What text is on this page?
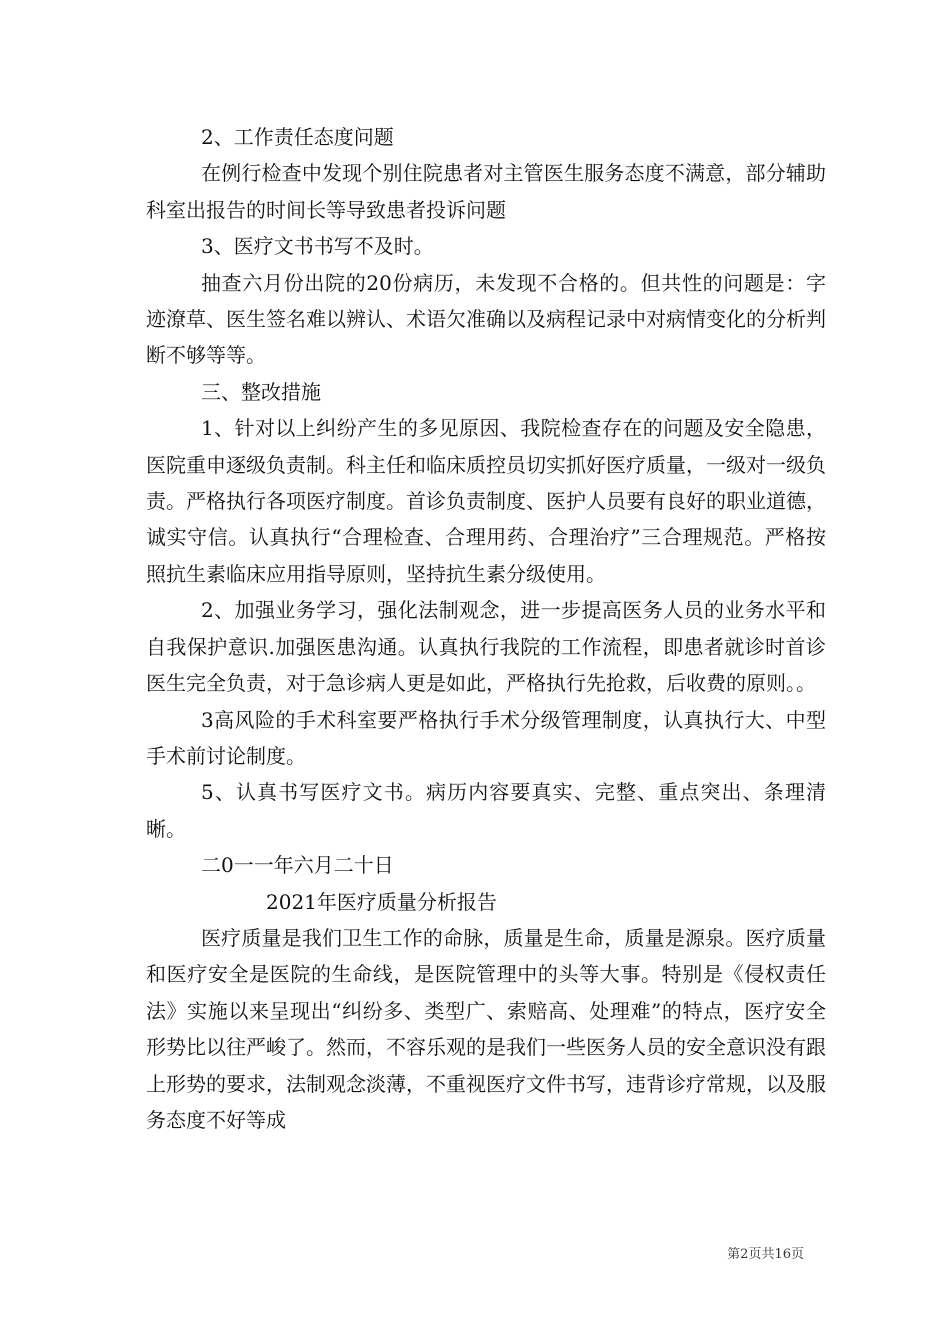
2、工作责任态度问题

在例行检查中发现个别住院患者对主管医生服务态度不满意，部分辅助科室出报告的时间长等导致患者投诉问题

3、医疗文书书写不及时。

抽查六月份出院的20份病历，未发现不合格的。但共性的问题是：字迹潦草、医生签名难以辨认、术语欠准确以及病程记录中对病情变化的分析判断不够等等。

三、整改措施

1、针对以上纠纷产生的多见原因、我院检查存在的问题及安全隐患，医院重申逐级负责制。科主任和临床质控员切实抓好医疗质量，一级对一级负责。严格执行各项医疗制度。首诊负责制度、医护人员要有良好的职业道德，诚实守信。认真执行“合理检查、合理用药、合理治疗”三合理规范。严格按照抗生素临床应用指导原则，坚持抗生素分级使用。

2、加强业务学习，强化法制观念，进一步提高医务人员的业务水平和自我保护意识.加强医患沟通。认真执行我院的工作流程，即患者就诊时首诊医生完全负责，对于急诊病人更是如此，严格执行先抢救，后收费的原则。。

3高风险的手术科室要严格执行手术分级管理制度，认真执行大、中型手术前讨论制度。

5、认真书写医疗文书。病历内容要真实、完整、重点突出、条理清晰。

二0一一年六月二十日

2021年医疗质量分析报告

医疗质量是我们卫生工作的命脉，质量是生命，质量是源泉。医疗质量和医疗安全是医院的生命线，是医院管理中的头等大事。特别是《侵权责任法》实施以来呈现出“纠纷多、类型广、索赔高、处理难”的特点，医疗安全形势比以往严峻了。然而，不容乐观的是我们一些医务人员的安全意识没有跟上形势的要求，法制观念淡薄，不重视医疗文件书写，违背诊疗常规，以及服务态度不好等成

第2页共16页
